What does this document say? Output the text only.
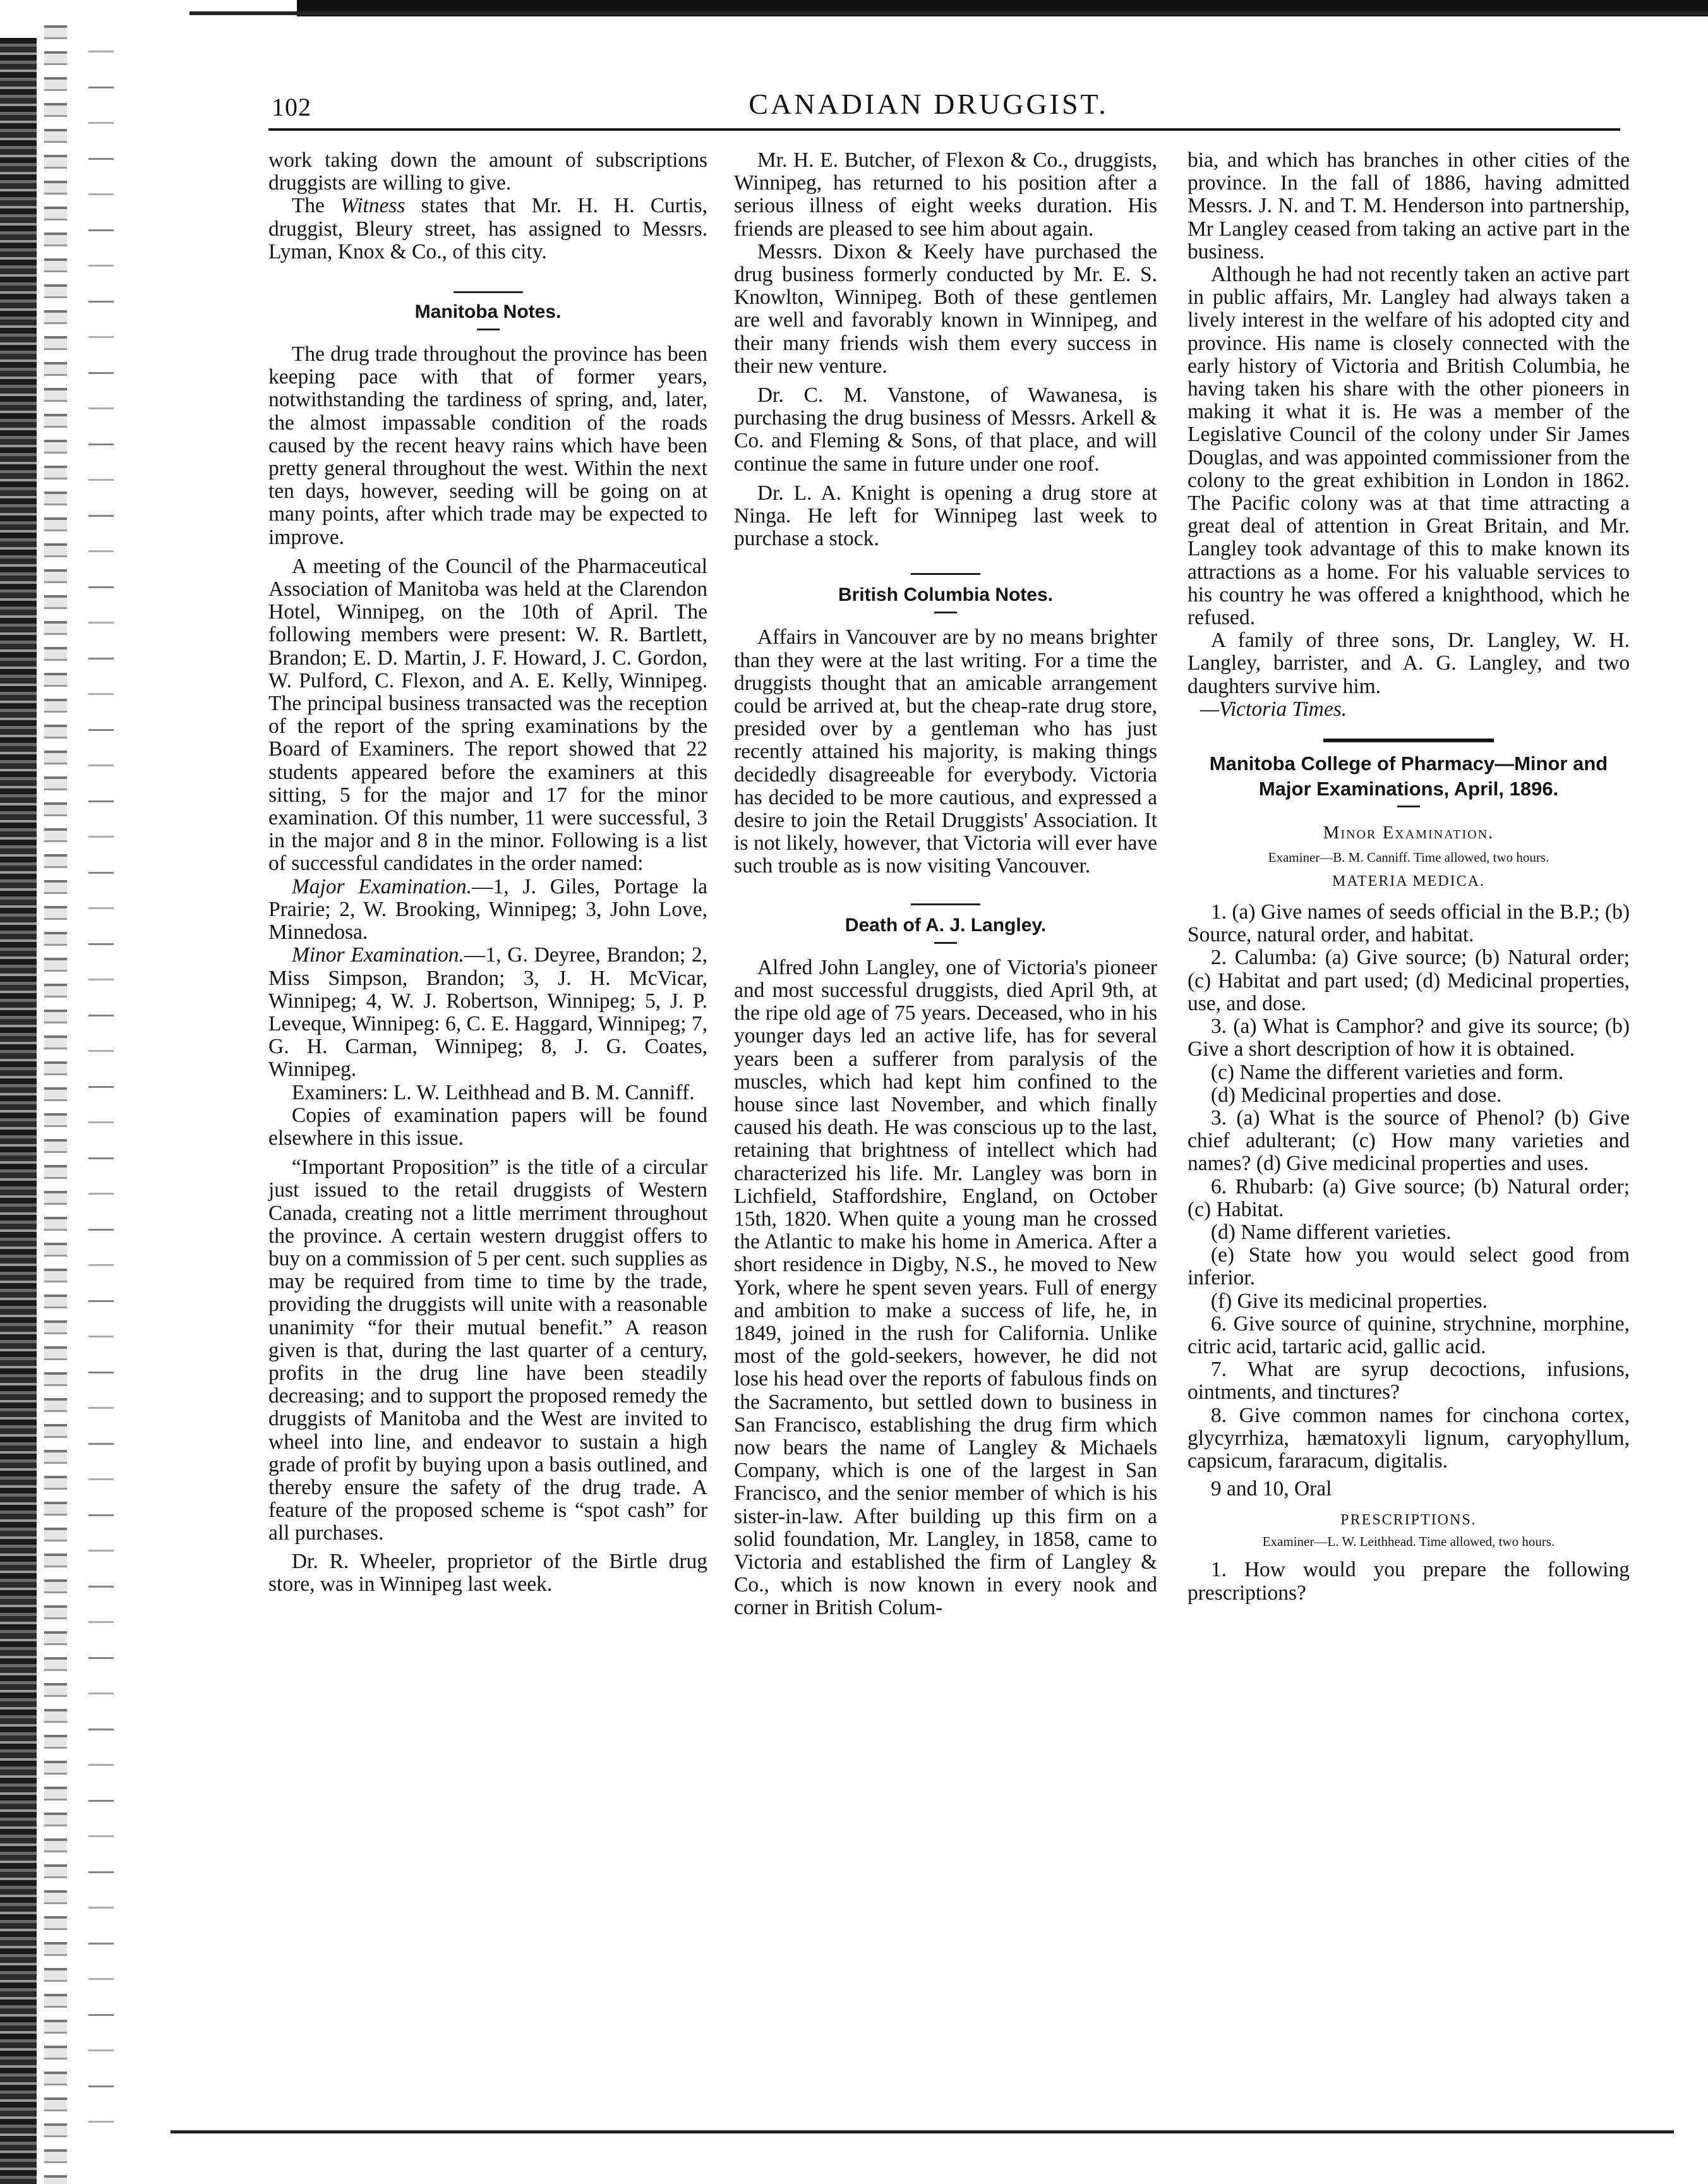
102	CANADIAN DRUGGIST.

work taking down the amount of subscriptions druggists are willing to give.

The Witness states that Mr. H. H. Curtis, druggist, Bleury street, has assigned to Messrs. Lyman, Knox & Co., of this city.

Manitoba Notes.

The drug trade throughout the province has been keeping pace with that of former years, notwithstanding the tardiness of spring, and, later, the almost impassable condition of the roads caused by the recent heavy rains which have been pretty general throughout the west. Within the next ten days, however, seeding will be going on at many points, after which trade may be expected to improve.

A meeting of the Council of the Pharmaceutical Association of Manitoba was held at the Clarendon Hotel, Winnipeg, on the 10th of April. The following members were present: W. R. Bartlett, Brandon; E. D. Martin, J. F. Howard, J. C. Gordon, W. Pulford, C. Flexon, and A. E. Kelly, Winnipeg. The principal business transacted was the reception of the report of the spring examinations by the Board of Examiners. The report showed that 22 students appeared before the examiners at this sitting, 5 for the major and 17 for the minor examination. Of this number, 11 were successful, 3 in the major and 8 in the minor. Following is a list of successful candidates in the order named:

Major Examination.—1, J. Giles, Portage la Prairie; 2, W. Brooking, Winnipeg; 3, John Love, Minnedosa.

Minor Examination.—1, G. Deyree, Brandon; 2, Miss Simpson, Brandon; 3, J. H. McVicar, Winnipeg; 4, W. J. Robertson, Winnipeg; 5, J. P. Leveque, Winnipeg: 6, C. E. Haggard, Winnipeg; 7, G. H. Carman, Winnipeg; 8, J. G. Coates, Winnipeg.

Examiners: L. W. Leithhead and B. M. Canniff.

Copies of examination papers will be found elsewhere in this issue.

“Important Proposition” is the title of a circular just issued to the retail druggists of Western Canada, creating not a little merriment throughout the province. A certain western druggist offers to buy on a commission of 5 per cent. such supplies as may be required from time to time by the trade, providing the druggists will unite with a reasonable unanimity “for their mutual benefit.” A reason given is that, during the last quarter of a century, profits in the drug line have been steadily decreasing; and to support the proposed remedy the druggists of Manitoba and the West are invited to wheel into line, and endeavor to sustain a high grade of profit by buying upon a basis outlined, and thereby ensure the safety of the drug trade. A feature of the proposed scheme is “spot cash” for all purchases.

Dr. R. Wheeler, proprietor of the Birtle drug store, was in Winnipeg last week.

Mr. H. E. Butcher, of Flexon & Co., druggists, Winnipeg, has returned to his position after a serious illness of eight weeks duration. His friends are pleased to see him about again.

Messrs. Dixon & Keely have purchased the drug business formerly conducted by Mr. E. S. Knowlton, Winnipeg. Both of these gentlemen are well and favorably known in Winnipeg, and their many friends wish them every success in their new venture.

Dr. C. M. Vanstone, of Wawanesa, is purchasing the drug business of Messrs. Arkell & Co. and Fleming & Sons, of that place, and will continue the same in future under one roof.

Dr. L. A. Knight is opening a drug store at Ninga. He left for Winnipeg last week to purchase a stock.

British Columbia Notes.

Affairs in Vancouver are by no means brighter than they were at the last writing. For a time the druggists thought that an amicable arrangement could be arrived at, but the cheap-rate drug store, presided over by a gentleman who has just recently attained his majority, is making things decidedly disagreeable for everybody. Victoria has decided to be more cautious, and expressed a desire to join the Retail Druggists' Association. It is not likely, however, that Victoria will ever have such trouble as is now visiting Vancouver.

Death of A. J. Langley.

Alfred John Langley, one of Victoria's pioneer and most successful druggists, died April 9th, at the ripe old age of 75 years. Deceased, who in his younger days led an active life, has for several years been a sufferer from paralysis of the muscles, which had kept him confined to the house since last November, and which finally caused his death. He was conscious up to the last, retaining that brightness of intellect which had characterized his life. Mr. Langley was born in Lichfield, Staffordshire, England, on October 15th, 1820. When quite a young man he crossed the Atlantic to make his home in America. After a short residence in Digby, N.S., he moved to New York, where he spent seven years. Full of energy and ambition to make a success of life, he, in 1849, joined in the rush for California. Unlike most of the gold-seekers, however, he did not lose his head over the reports of fabulous finds on the Sacramento, but settled down to business in San Francisco, establishing the drug firm which now bears the name of Langley & Michaels Company, which is one of the largest in San Francisco, and the senior member of which is his sister-in-law. After building up this firm on a solid foundation, Mr. Langley, in 1858, came to Victoria and established the firm of Langley & Co., which is now known in every nook and corner in British Colum-

bia, and which has branches in other cities of the province. In the fall of 1886, having admitted Messrs. J. N. and T. M. Henderson into partnership, Mr Langley ceased from taking an active part in the business.

Although he had not recently taken an active part in public affairs, Mr. Langley had always taken a lively interest in the welfare of his adopted city and province. His name is closely connected with the early history of Victoria and British Columbia, he having taken his share with the other pioneers in making it what it is. He was a member of the Legislative Council of the colony under Sir James Douglas, and was appointed commissioner from the colony to the great exhibition in London in 1862. The Pacific colony was at that time attracting a great deal of attention in Great Britain, and Mr. Langley took advantage of this to make known its attractions as a home. For his valuable services to his country he was offered a knighthood, which he refused.

A family of three sons, Dr. Langley, W. H. Langley, barrister, and A. G. Langley, and two daughters survive him.

—Victoria Times.

Manitoba College of Pharmacy—Minor and Major Examinations, April, 1896.

Minor Examination.

Examiner—B. M. Canniff. Time allowed, two hours.

MATERIA MEDICA.

1. (a) Give names of seeds official in the B.P.; (b) Source, natural order, and habitat.

2. Calumba: (a) Give source; (b) Natural order; (c) Habitat and part used; (d) Medicinal properties, use, and dose.

3. (a) What is Camphor? and give its source; (b) Give a short description of how it is obtained.

(c) Name the different varieties and form.

(d) Medicinal properties and dose.

3. (a) What is the source of Phenol? (b) Give chief adulterant; (c) How many varieties and names? (d) Give medicinal properties and uses.

6. Rhubarb: (a) Give source; (b) Natural order; (c) Habitat.

(d) Name different varieties.

(e) State how you would select good from inferior.

(f) Give its medicinal properties.

6. Give source of quinine, strychnine, morphine, citric acid, tartaric acid, gallic acid.

7. What are syrup decoctions, infusions, ointments, and tinctures?

8. Give common names for cinchona cortex, glycyrrhiza, hæmatoxyli lignum, caryophyllum, capsicum, fararacum, digitalis.

9 and 10, Oral

PRESCRIPTIONS.

Examiner—L. W. Leithhead. Time allowed, two hours.

1. How would you prepare the following prescriptions?
